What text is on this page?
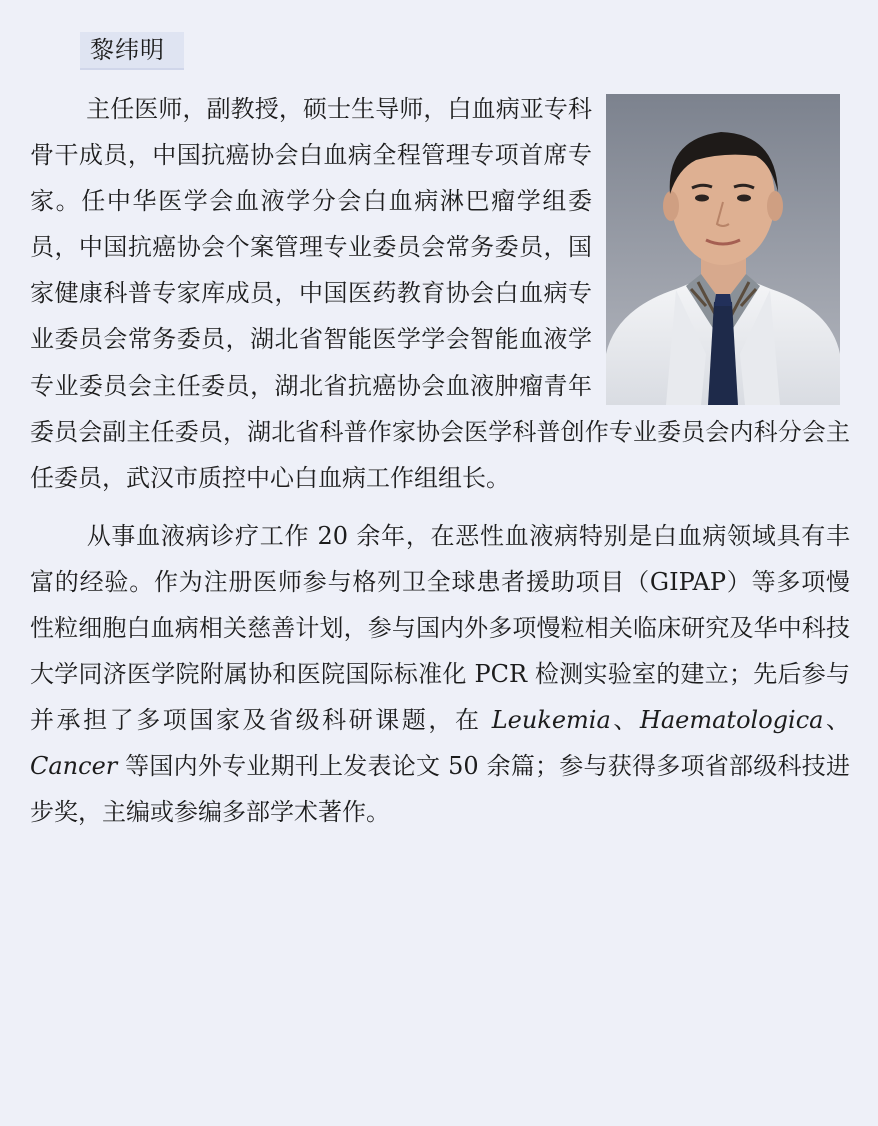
黎纬明

主任医师，副教授，硕士生导师，白血病亚专科骨干成员，中国抗癌协会白血病全程管理专项首席专家。任中华医学会血液学分会白血病淋巴瘤学组委员，中国抗癌协会个案管理专业委员会常务委员，国家健康科普专家库成员，中国医药教育协会白血病专业委员会常务委员，湖北省智能医学学会智能血液学专业委员会主任委员，湖北省抗癌协会血液肿瘤青年委员会副主任委员，湖北省科普作家协会医学科普创作专业委员会内科分会主任委员，武汉市质控中心白血病工作组组长。

从事血液病诊疗工作 20 余年，在恶性血液病特别是白血病领域具有丰富的经验。作为注册医师参与格列卫全球患者援助项目（GIPAP）等多项慢性粒细胞白血病相关慈善计划，参与国内外多项慢粒相关临床研究及华中科技大学同济医学院附属协和医院国际标准化 PCR 检测实验室的建立；先后参与并承担了多项国家及省级科研课题，在 Leukemia、Haematologica、Cancer 等国内外专业期刊上发表论文 50 余篇；参与获得多项省部级科技进步奖，主编或参编多部学术著作。
